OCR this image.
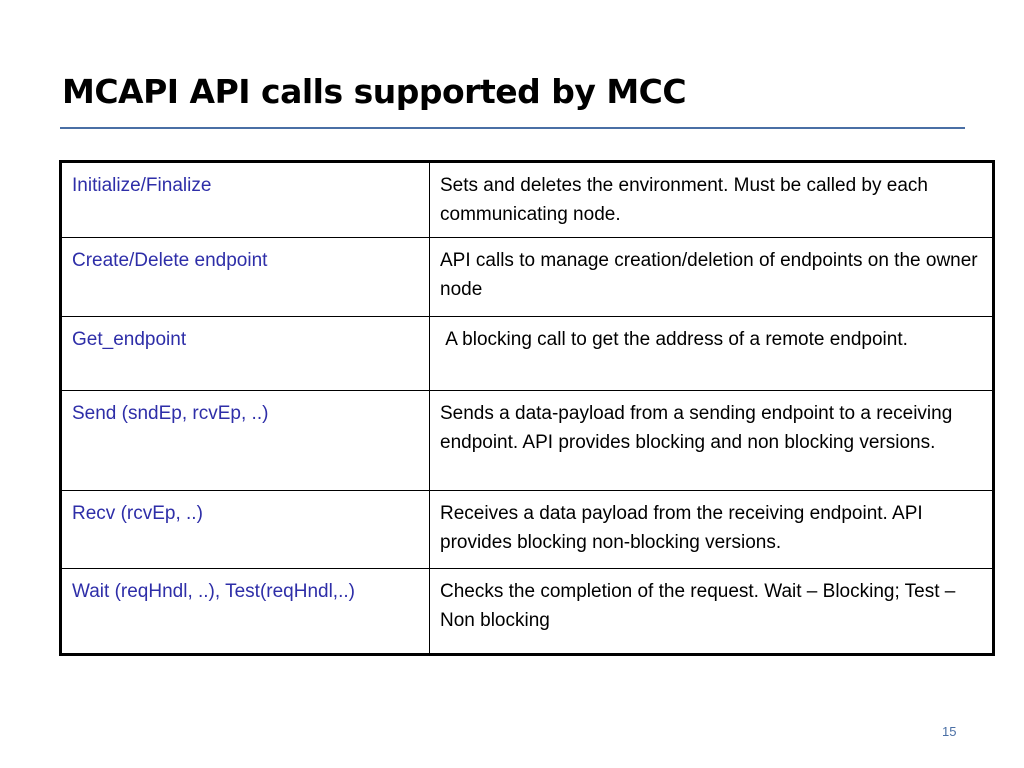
MCAPI API calls supported by MCC
Initialize/Finalize	Sets and deletes the environment. Must be called by each communicating node.
Create/Delete endpoint	API calls to manage creation/deletion of endpoints on the owner node
Get_endpoint	A blocking call to get the address of a remote endpoint.
Send (sndEp, rcvEp, ..)	Sends a data-payload from a sending endpoint to a receiving endpoint. API provides blocking and non blocking versions.
Recv (rcvEp, ..)	Receives a data payload from the receiving endpoint. API provides blocking non-blocking versions.
Wait (reqHndl, ..), Test(reqHndl,..)	Checks the completion of the request. Wait – Blocking; Test – Non blocking
15
